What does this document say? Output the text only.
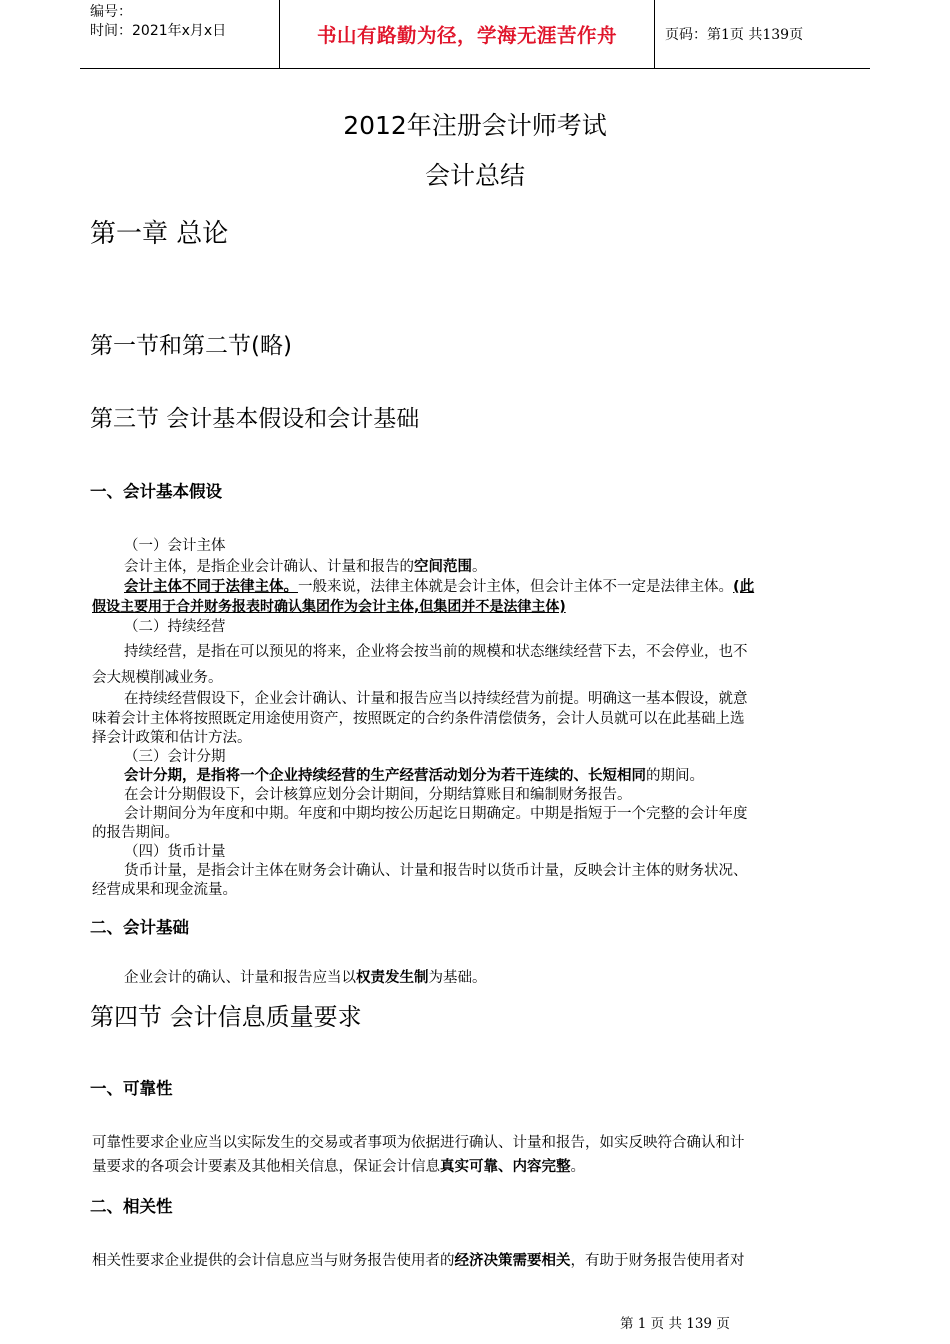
编号：
时间：2021年x月x日	书山有路勤为径，学海无涯苦作舟	页码：第1页 共139页
2012年注册会计师考试
会计总结
第一章 总论
第一节和第二节(略)
第三节 会计基本假设和会计基础
一、会计基本假设
（一）会计主体
会计主体，是指企业会计确认、计量和报告的空间范围。
会计主体不同于法律主体。一般来说，法律主体就是会计主体，但会计主体不一定是法律主体。(此
假设主要用于合并财务报表时确认集团作为会计主体,但集团并不是法律主体)
（二）持续经营
持续经营，是指在可以预见的将来，企业将会按当前的规模和状态继续经营下去，不会停业，也不
会大规模削减业务。
在持续经营假设下，企业会计确认、计量和报告应当以持续经营为前提。明确这一基本假设，就意
味着会计主体将按照既定用途使用资产，按照既定的合约条件清偿债务，会计人员就可以在此基础上选
择会计政策和估计方法。
（三）会计分期
会计分期，是指将一个企业持续经营的生产经营活动划分为若干连续的、长短相同的期间。
在会计分期假设下，会计核算应划分会计期间，分期结算账目和编制财务报告。
会计期间分为年度和中期。年度和中期均按公历起讫日期确定。中期是指短于一个完整的会计年度
的报告期间。
（四）货币计量
货币计量，是指会计主体在财务会计确认、计量和报告时以货币计量，反映会计主体的财务状况、
经营成果和现金流量。
二、会计基础
企业会计的确认、计量和报告应当以权责发生制为基础。
第四节 会计信息质量要求
一、可靠性
可靠性要求企业应当以实际发生的交易或者事项为依据进行确认、计量和报告，如实反映符合确认和计
量要求的各项会计要素及其他相关信息，保证会计信息真实可靠、内容完整。
二、相关性
相关性要求企业提供的会计信息应当与财务报告使用者的经济决策需要相关，有助于财务报告使用者对
第 1 页 共 139 页
